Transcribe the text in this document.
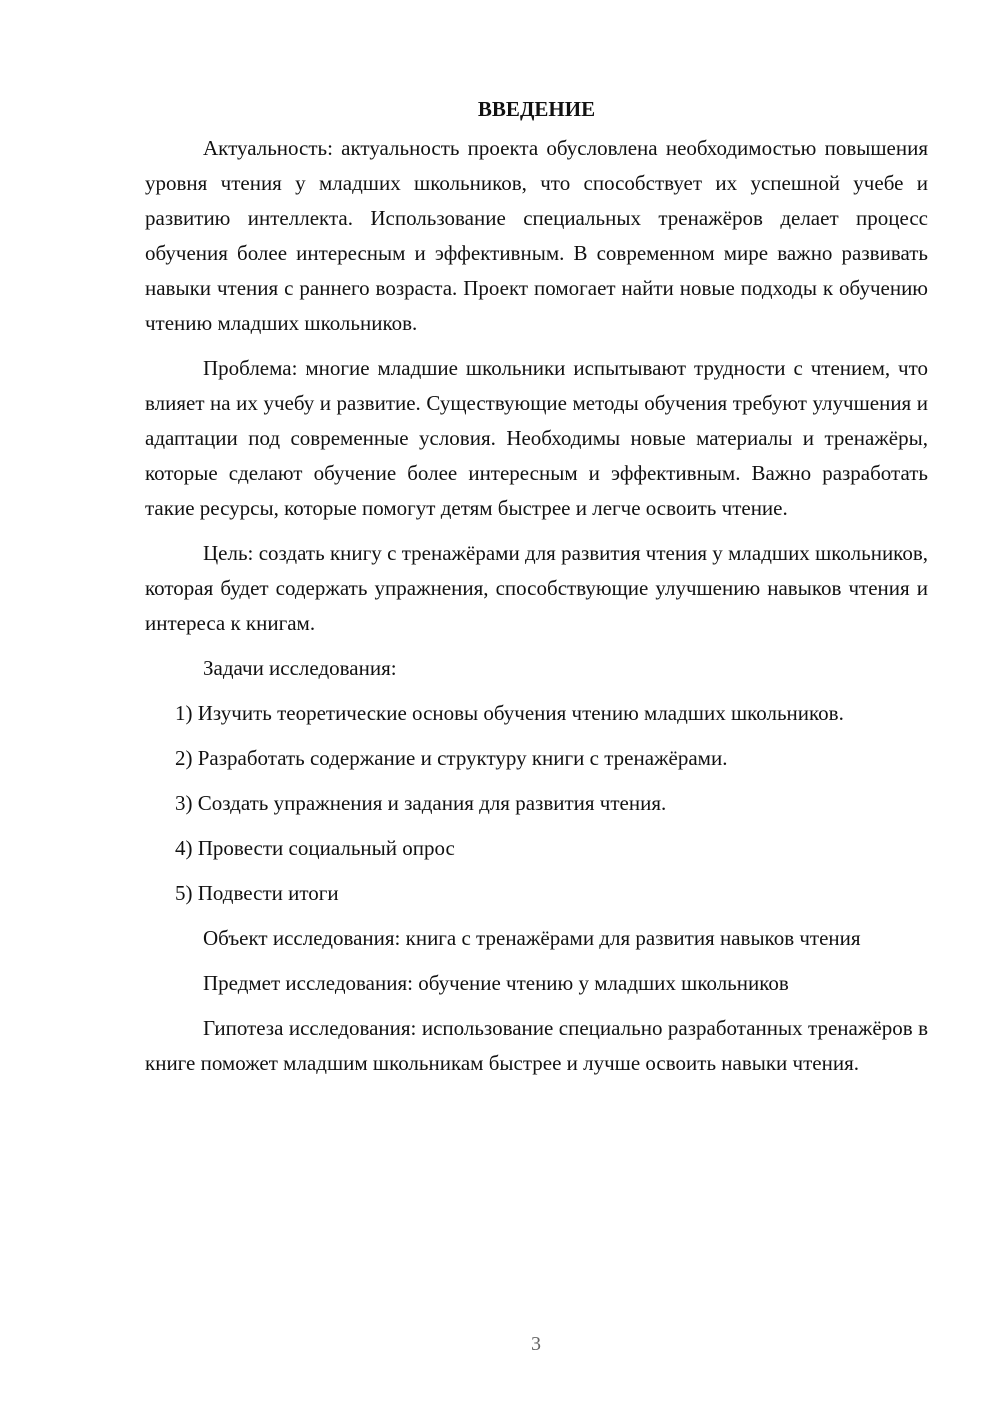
ВВЕДЕНИЕ

Актуальность: актуальность проекта обусловлена необходимостью повышения уровня чтения у младших школьников, что способствует их успешной учебе и развитию интеллекта. Использование специальных тренажёров делает процесс обучения более интересным и эффективным. В современном мире важно развивать навыки чтения с раннего возраста. Проект помогает найти новые подходы к обучению чтению младших школьников.

Проблема: многие младшие школьники испытывают трудности с чтением, что влияет на их учебу и развитие. Существующие методы обучения требуют улучшения и адаптации под современные условия. Необходимы новые материалы и тренажёры, которые сделают обучение более интересным и эффективным. Важно разработать такие ресурсы, которые помогут детям быстрее и легче освоить чтение.

Цель: создать книгу с тренажёрами для развития чтения у младших школьников, которая будет содержать упражнения, способствующие улучшению навыков чтения и интереса к книгам.

Задачи исследования:

1) Изучить теоретические основы обучения чтению младших школьников.

2) Разработать содержание и структуру книги с тренажёрами.

3) Создать упражнения и задания для развития чтения.

4) Провести социальный опрос

5) Подвести итоги

Объект исследования: книга с тренажёрами для развития навыков чтения

Предмет исследования: обучение чтению у младших школьников

Гипотеза исследования: использование специально разработанных тренажёров в книге поможет младшим школьникам быстрее и лучше освоить навыки чтения.

3
